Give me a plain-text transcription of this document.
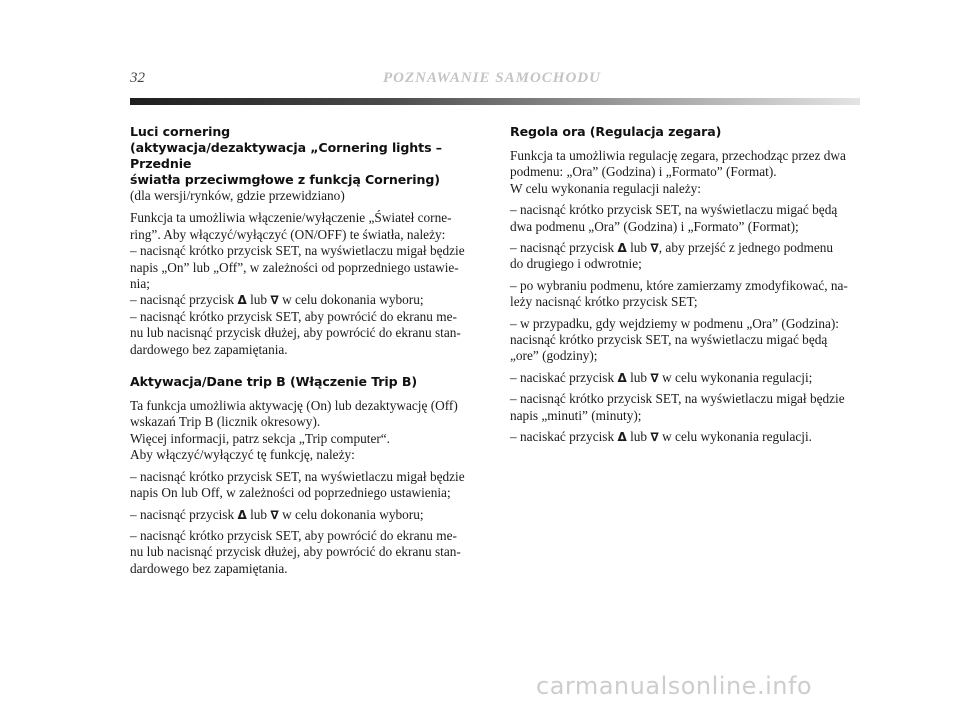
32	POZNAWANIE SAMOCHODU
Luci cornering
(aktywacja/dezaktywacja „Cornering lights – Przednie
światła przeciwmgłowe z funkcją Cornering)
(dla wersji/rynków, gdzie przewidziano)
Funkcja ta umożliwia włączenie/wyłączenie „Świateł corne-
ring”. Aby włączyć/wyłączyć (ON/OFF) te światła, należy:
– nacisnąć krótko przycisk SET, na wyświetlaczu migał będzie
napis „On” lub „Off”, w zależności od poprzedniego ustawie-
nia;
– nacisnąć przycisk Δ lub ∇ w celu dokonania wyboru;
– nacisnąć krótko przycisk SET, aby powrócić do ekranu me-
nu lub nacisnąć przycisk dłużej, aby powrócić do ekranu stan-
dardowego bez zapamiętania.
Aktywacja/Dane trip B (Włączenie Trip B)
Ta funkcja umożliwia aktywację (On) lub dezaktywację (Off)
wskazań Trip B (licznik okresowy).
Więcej informacji, patrz sekcja „Trip computer“.
Aby włączyć/wyłączyć tę funkcję, należy:
– nacisnąć krótko przycisk SET, na wyświetlaczu migał będzie
napis On lub Off, w zależności od poprzedniego ustawienia;
– nacisnąć przycisk Δ lub ∇ w celu dokonania wyboru;
– nacisnąć krótko przycisk SET, aby powrócić do ekranu me-
nu lub nacisnąć przycisk dłużej, aby powrócić do ekranu stan-
dardowego bez zapamiętania.
Regola ora (Regulacja zegara)
Funkcja ta umożliwia regulację zegara, przechodząc przez dwa
podmenu: „Ora” (Godzina) i „Formato” (Format).
W celu wykonania regulacji należy:
– nacisnąć krótko przycisk SET, na wyświetlaczu migać będą
dwa podmenu „Ora” (Godzina) i „Formato” (Format);
– nacisnąć przycisk Δ lub ∇, aby przejść z jednego podmenu
do drugiego i odwrotnie;
– po wybraniu podmenu, które zamierzamy zmodyfikować, na-
leży nacisnąć krótko przycisk SET;
– w przypadku, gdy wejdziemy w podmenu „Ora” (Godzina):
nacisnąć krótko przycisk SET, na wyświetlaczu migać będą
„ore” (godziny);
– naciskać przycisk Δ lub ∇ w celu wykonania regulacji;
– nacisnąć krótko przycisk SET, na wyświetlaczu migał będzie
napis „minuti” (minuty);
– naciskać przycisk Δ lub ∇ w celu wykonania regulacji.
carmanualsonline.info
